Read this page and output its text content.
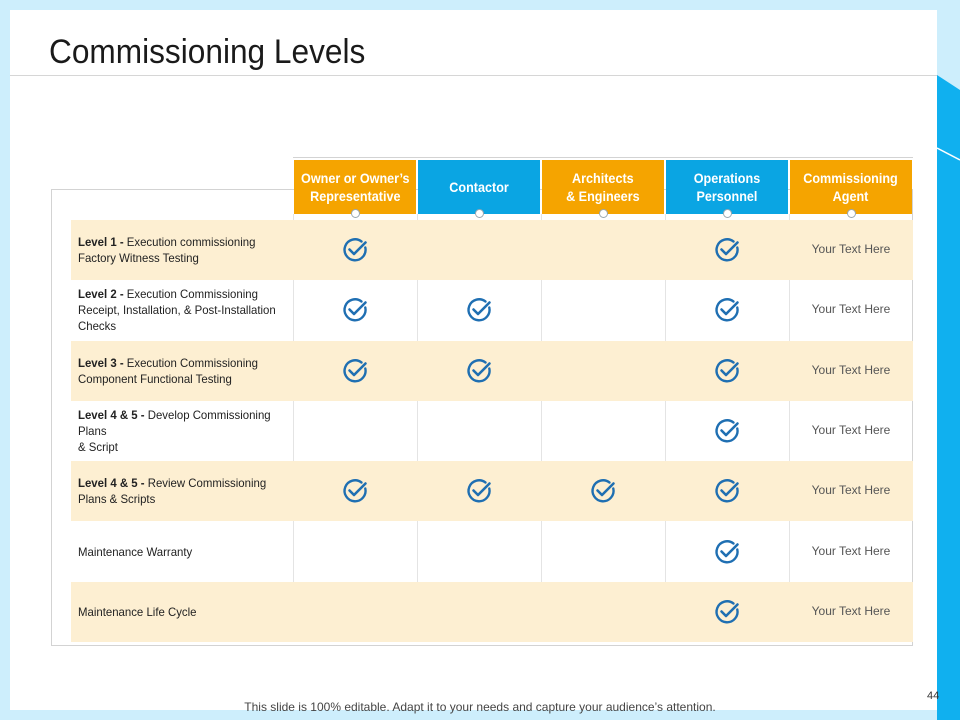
Commissioning Levels
Owner or Owner’s
Representative
Contactor
Architects
& Engineers
Operations
Personnel
Commissioning
Agent
Level 1 - Execution commissioning Factory Witness Testing
Your Text Here
Level 2 - Execution Commissioning Receipt, Installation, & Post-Installation Checks
Your Text Here
Level 3 - Execution Commissioning Component Functional Testing
Your Text Here
Level 4 & 5 - Develop Commissioning Plans
& Script
Your Text Here
Level 4 & 5 - Review Commissioning Plans & Scripts
Your Text Here
Maintenance Warranty	Your Text Here
Maintenance Life Cycle	Your Text Here
This slide is 100% editable. Adapt it to your needs and capture your audience’s attention.
44
